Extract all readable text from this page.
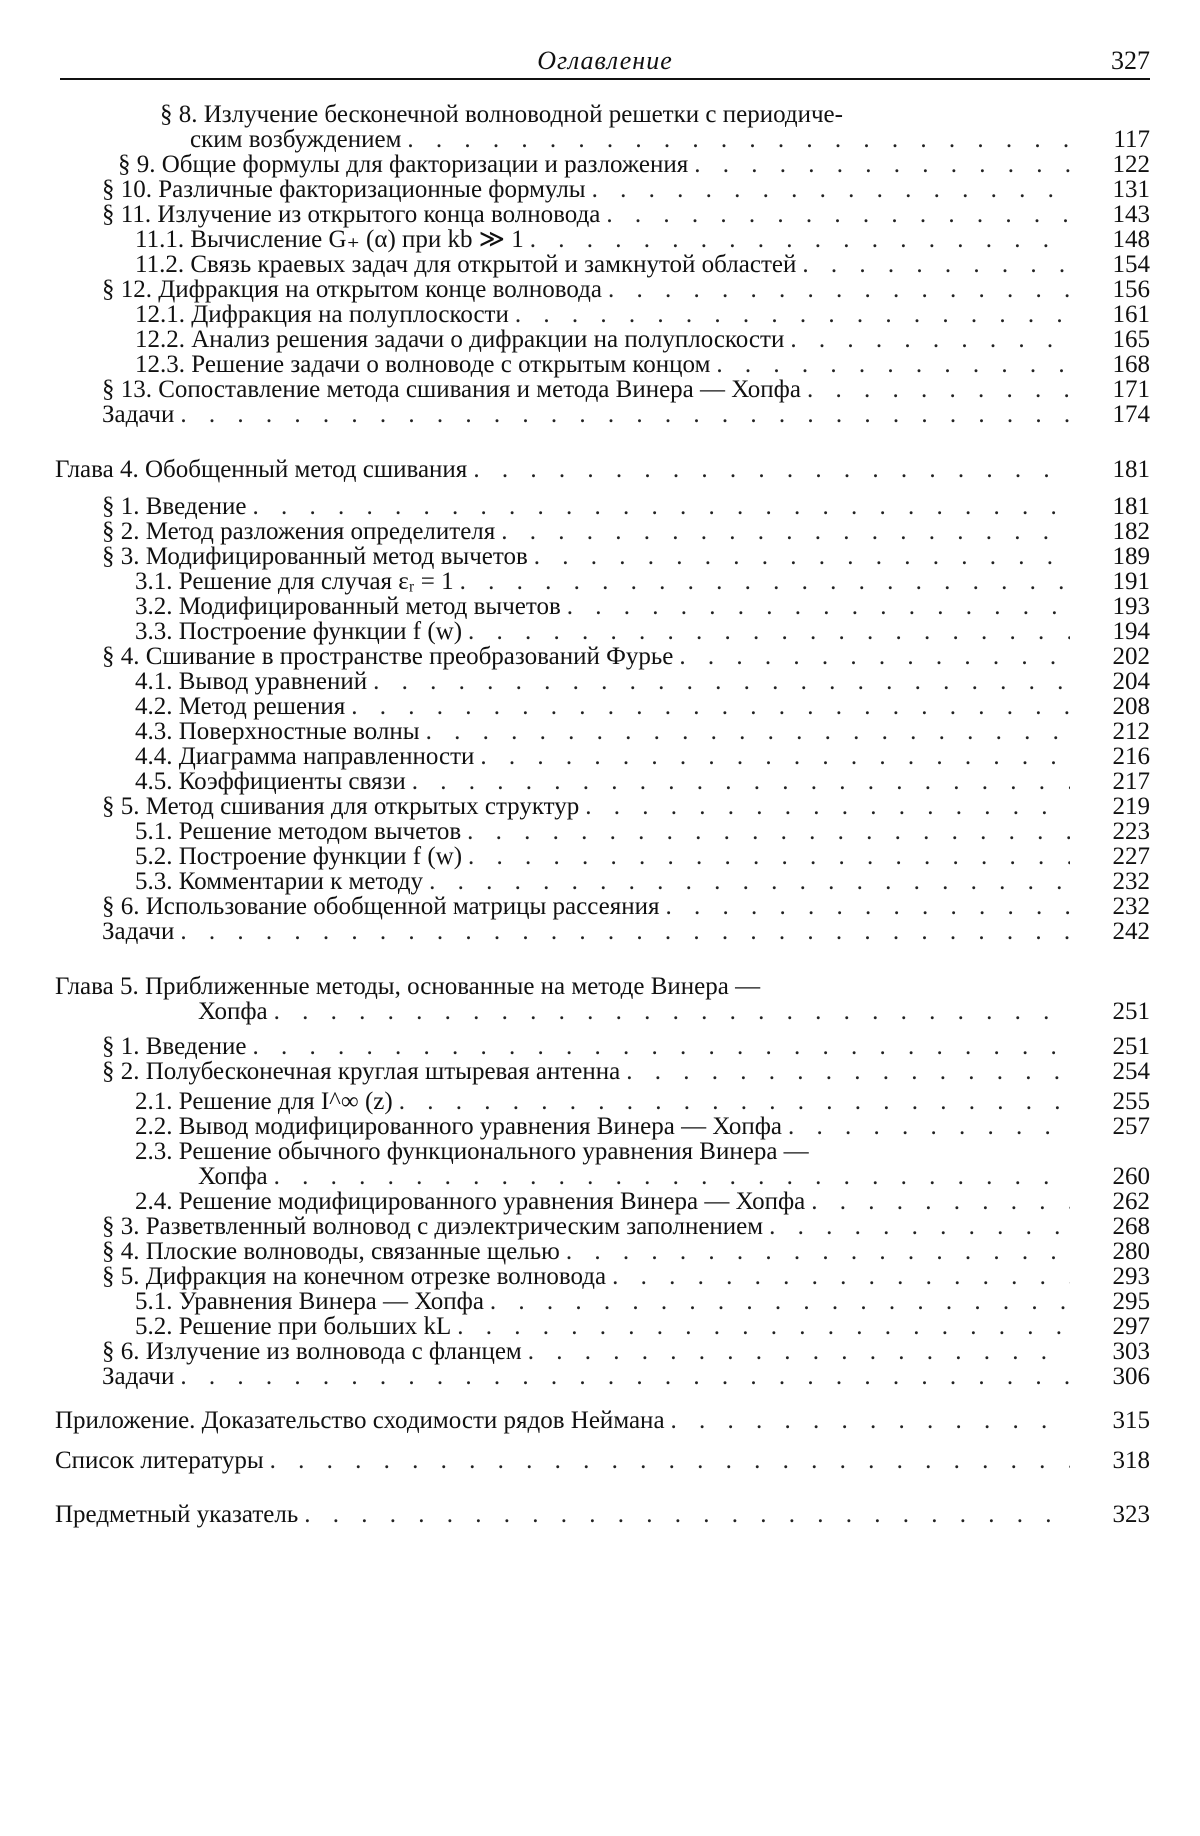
Оглавление	327
§ 8. Излучение бесконечной волноводной решетки с периодиче-
ским возбуждением . . .	117
§ 9. Общие формулы для факторизации и разложения . . .	122
§ 10. Различные факторизационные формулы . . .	131
§ 11. Излучение из открытого конца волновода . . .	143
11.1. Вычисление G₊ (α) при kb ≫ 1 . . .	148
11.2. Связь краевых задач для открытой и замкнутой областей . . .	154
§ 12. Дифракция на открытом конце волновода . . .	156
12.1. Дифракция на полуплоскости . . .	161
12.2. Анализ решения задачи о дифракции на полуплоскости . . .	165
12.3. Решение задачи о волноводе с открытым концом . . .	168
§ 13. Сопоставление метода сшивания и метода Винера — Хопфа . . .	171
Задачи . . .	174
Глава 4. Обобщенный метод сшивания . . .	181
§ 1. Введение . . .	181
§ 2. Метод разложения определителя . . .	182
§ 3. Модифицированный метод вычетов . . .	189
3.1. Решение для случая εᵣ = 1 . . .	191
3.2. Модифицированный метод вычетов . . .	193
3.3. Построение функции f (w) . . .	194
§ 4. Сшивание в пространстве преобразований Фурье . . .	202
4.1. Вывод уравнений . . .	204
4.2. Метод решения . . .	208
4.3. Поверхностные волны . . .	212
4.4. Диаграмма направленности . . .	216
4.5. Коэффициенты связи . . .	217
§ 5. Метод сшивания для открытых структур . . .	219
5.1. Решение методом вычетов . . .	223
5.2. Построение функции f (w) . . .	227
5.3. Комментарии к методу . . .	232
§ 6. Использование обобщенной матрицы рассеяния . . .	232
Задачи . . .	242
Глава 5. Приближенные методы, основанные на методе Винера —
Хопфа . . .	251
§ 1. Введение . . .	251
§ 2. Полубесконечная круглая штыревая антенна . . .	254
2.1. Решение для I^∞ (z) . . .	255
2.2. Вывод модифицированного уравнения Винера — Хопфа . . .	257
2.3. Решение обычного функционального уравнения Винера —
Хопфа . . .	260
2.4. Решение модифицированного уравнения Винера — Хопфа . . .	262
§ 3. Разветвленный волновод с диэлектрическим заполнением . . .	268
§ 4. Плоские волноводы, связанные щелью . . .	280
§ 5. Дифракция на конечном отрезке волновода . . .	293
5.1. Уравнения Винера — Хопфа . . .	295
5.2. Решение при больших kL . . .	297
§ 6. Излучение из волновода с фланцем . . .	303
Задачи . . .	306
Приложение. Доказательство сходимости рядов Неймана . . .	315
Список литературы . . .	318
Предметный указатель . . .	323
